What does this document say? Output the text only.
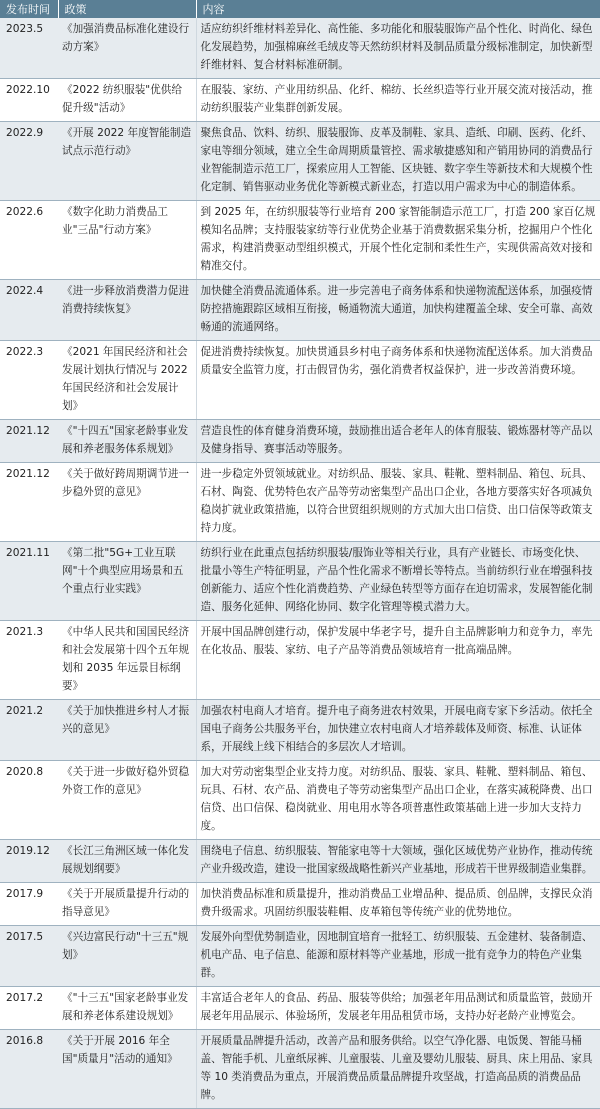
发布时间	政策	内容
2023.5	《加强消费品标准化建设行动方案》	适应纺织纤维材料差异化、高性能、多功能化和服装服饰产品个性化、时尚化、绿色化发展趋势，加强棉麻丝毛绒皮等天然纺织材料及制品质量分级标准制定，加快新型纤维材料、复合材料标准研制。
2022.10	《2022 纺织服装"优供给促升级"活动》	在服装、家纺、产业用纺织品、化纤、棉纺、长丝织造等行业开展交流对接活动，推动纺织服装产业集群创新发展。
2022.9	《开展 2022 年度智能制造试点示范行动》	聚焦食品、饮料、纺织、服装服饰、皮革及制鞋、家具、造纸、印刷、医药、化纤、家电等细分领域，建立全生命周期质量管控、需求敏捷感知和产销用协同的消费品行业智能制造示范工厂，探索应用人工智能、区块链、数字孪生等新技术和大规模个性化定制、销售驱动业务优化等新模式新业态，打造以用户需求为中心的制造体系。
2022.6	《数字化助力消费品工业"三品"行动方案》	到 2025 年，在纺织服装等行业培育 200 家智能制造示范工厂，打造 200 家百亿规模知名品牌；支持服装家纺等行业优势企业基于消费数据采集分析，挖掘用户个性化需求，构建消费驱动型组织模式，开展个性化定制和柔性生产，实现供需高效对接和精准交付。
2022.4	《进一步释放消费潜力促进消费持续恢复》	加快健全消费品流通体系。进一步完善电子商务体系和快递物流配送体系，加强疫情防控措施跟踪区域相互衔接，畅通物流大通道，加快构建覆盖全球、安全可靠、高效畅通的流通网络。
2022.3	《2021 年国民经济和社会发展计划执行情况与 2022 年国民经济和社会发展计划》	促进消费持续恢复。加快贯通县乡村电子商务体系和快递物流配送体系。加大消费品质量安全监管力度，打击假冒伪劣，强化消费者权益保护，进一步改善消费环境。
2021.12	《"十四五"国家老龄事业发展和养老服务体系规划》	营造良性的体育健身消费环境，鼓励推出适合老年人的体育服装、锻炼器材等产品以及健身指导、赛事活动等服务。
2021.12	《关于做好跨周期调节进一步稳外贸的意见》	进一步稳定外贸领域就业。对纺织品、服装、家具、鞋靴、塑料制品、箱包、玩具、石材、陶瓷、优势特色农产品等劳动密集型产品出口企业，各地方要落实好各项减负稳岗扩就业政策措施，以符合世贸组织规则的方式加大出口信贷、出口信保等政策支持力度。
2021.11	《第二批"5G+工业互联网"十个典型应用场景和五个重点行业实践》	纺织行业在此重点包括纺织服装/服饰业等相关行业，具有产业链长、市场变化快、批量小等生产特征明显，产品个性化需求不断增长等特点。当前纺织行业在增强科技创新能力、适应个性化消费趋势、产业绿色转型等方面存在迫切需求，发展智能化制造、服务化延伸、网络化协同、数字化管理等模式潜力大。
2021.3	《中华人民共和国国民经济和社会发展第十四个五年规划和 2035 年远景目标纲要》	开展中国品牌创建行动，保护发展中华老字号，提升自主品牌影响力和竞争力，率先在化妆品、服装、家纺、电子产品等消费品领域培育一批高端品牌。
2021.2	《关于加快推进乡村人才振兴的意见》	加强农村电商人才培育。提升电子商务进农村效果，开展电商专家下乡活动。依托全国电子商务公共服务平台，加快建立农村电商人才培养载体及师资、标准、认证体系，开展线上线下相结合的多层次人才培训。
2020.8	《关于进一步做好稳外贸稳外资工作的意见》	加大对劳动密集型企业支持力度。对纺织品、服装、家具、鞋靴、塑料制品、箱包、玩具、石材、农产品、消费电子等劳动密集型产品出口企业，在落实减税降费、出口信贷、出口信保、稳岗就业、用电用水等各项普惠性政策基础上进一步加大支持力度。
2019.12	《长江三角洲区域一体化发展规划纲要》	围绕电子信息、纺织服装、智能家电等十大领域，强化区域优势产业协作，推动传统产业升级改造，建设一批国家级战略性新兴产业基地，形成若干世界级制造业集群。
2017.9	《关于开展质量提升行动的指导意见》	加快消费品标准和质量提升，推动消费品工业增品种、提品质、创品牌，支撑民众消费升级需求。巩固纺织服装鞋帽、皮革箱包等传统产业的优势地位。
2017.5	《兴边富民行动"十三五"规划》	发展外向型优势制造业，因地制宜培育一批轻工、纺织服装、五金建材、装备制造、机电产品、电子信息、能源和原材料等产业基地，形成一批有竞争力的特色产业集群。
2017.2	《"十三五"国家老龄事业发展和养老体系建设规划》	丰富适合老年人的食品、药品、服装等供给；加强老年用品测试和质量监管，鼓励开展老年用品展示、体验场所，发展老年用品租赁市场，支持办好老龄产业博览会。
2016.8	《关于开展 2016 年全国"质量月"活动的通知》	开展质量品牌提升活动，改善产品和服务供给。以空气净化器、电饭煲、智能马桶盖、智能手机、儿童纸尿裤、儿童服装、儿童及婴幼儿服装、厨具、床上用品、家具等 10 类消费品为重点，开展消费品质量品牌提升攻坚战，打造高品质的消费品品牌。
